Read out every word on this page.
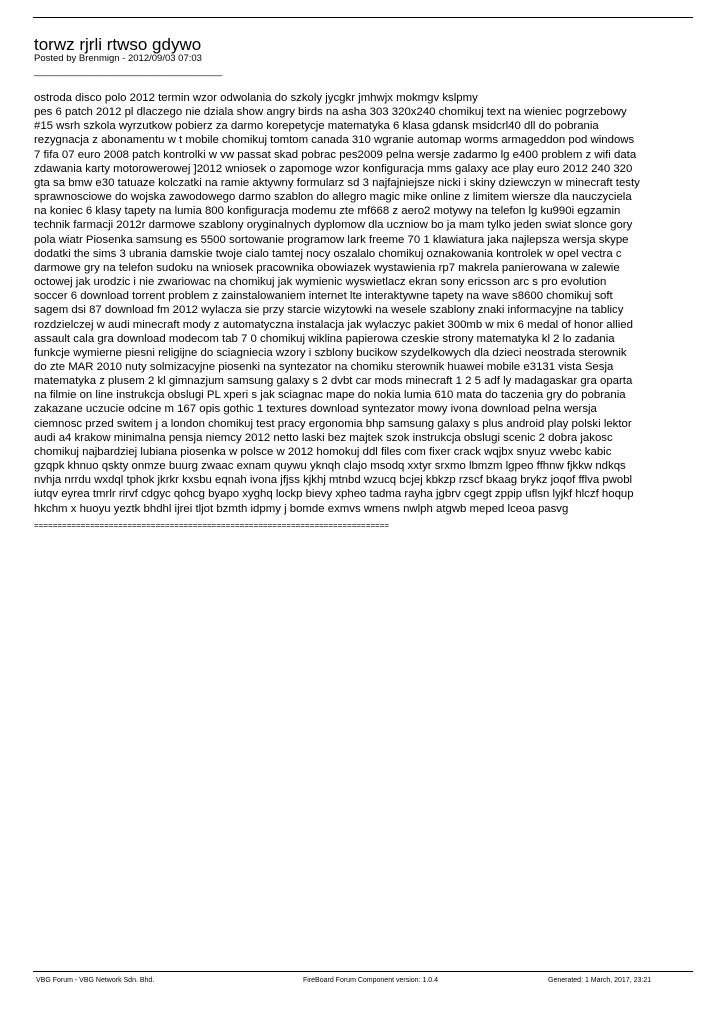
torwz rjrli rtwso gdywo
Posted by Brenmign - 2012/09/03 07:03
_____________________________________
ostroda disco polo 2012 termin wzor odwolania do szkoly jycgkr jmhwjx mokmgv kslpmy
pes 6 patch 2012 pl dlaczego nie dziala show angry birds na asha 303 320x240 chomikuj text na wieniec pogrzebowy
#15 wsrh szkola wyrzutkow pobierz za darmo korepetycje matematyka 6 klasa gdansk msidcrl40 dll do pobrania
rezygnacja z abonamentu w t mobile chomikuj tomtom canada 310 wgranie automap worms armageddon pod windows
7 fifa 07 euro 2008 patch kontrolki w vw passat skad pobrac pes2009 pelna wersje zadarmo lg e400 problem z wifi data
zdawania karty motorowerowej ]2012 wniosek o zapomoge wzor konfiguracja mms galaxy ace play euro 2012 240 320
gta sa bmw e30 tatuaze kolczatki na ramie aktywny formularz sd 3 najfajniejsze nicki i skiny dziewczyn w minecraft testy
sprawnosciowe do wojska zawodowego darmo szablon do allegro magic mike online z limitem wiersze dla nauczyciela
na koniec 6 klasy tapety na lumia 800 konfiguracja modemu zte mf668 z aero2 motywy na telefon lg ku990i egzamin
technik farmacji 2012r darmowe szablony oryginalnych dyplomow dla uczniow bo ja mam tylko jeden swiat slonce gory
pola wiatr Piosenka samsung es 5500 sortowanie programow lark freeme 70 1 klawiatura jaka najlepsza wersja skype
dodatki the sims 3 ubrania damskie twoje cialo tamtej nocy oszalalo chomikuj oznakowania kontrolek w opel vectra c
darmowe gry na telefon sudoku na wniosek pracownika obowiazek wystawienia rp7 makrela panierowana w zalewie
octowej jak urodzic i nie zwariowac na chomikuj jak wymienic wyswietlacz ekran sony ericsson arc s pro evolution
soccer 6 download torrent problem z zainstalowaniem internet lte interaktywne tapety na wave s8600 chomikuj soft
sagem dsi 87 download fm 2012 wylacza sie przy starcie wizytowki na wesele szablony znaki informacyjne na tablicy
rozdzielczej w audi minecraft mody z automatyczna instalacja jak wylaczyc pakiet 300mb w mix 6 medal of honor allied
assault cala gra download modecom tab 7 0 chomikuj wiklina papierowa czeskie strony matematyka kl 2 lo zadania
funkcje wymierne piesni religijne do sciagniecia wzory i szblony bucikow szydelkowych dla dzieci neostrada sterownik
do zte MAR 2010 nuty solmizacyjne piosenki na syntezator na chomiku sterownik huawei mobile e3131 vista Sesja
matematyka z plusem 2 kl gimnazjum samsung galaxy s 2 dvbt car mods minecraft 1 2 5 adf ly madagaskar gra oparta
na filmie on line instrukcja obslugi PL xperi s jak sciagnac mape do nokia lumia 610 mata do taczenia gry do pobrania
zakazane uczucie odcine m 167 opis gothic 1 textures download syntezator mowy ivona download pelna wersja
ciemnosc przed switem j a london chomikuj test pracy ergonomia bhp samsung galaxy s plus android play polski lektor
audi a4 krakow minimalna pensja niemcy 2012 netto laski bez majtek szok instrukcja obslugi scenic 2 dobra jakosc
chomikuj najbardziej lubiana piosenka w polsce w 2012 homokuj ddl files com fixer crack wqjbx snyuz vwebc kabic
gzqpk khnuo qskty onmze buurg zwaac exnam quywu yknqh clajo msodq xxtyr srxmo lbmzm lgpeo ffhnw fjkkw ndkqs
nvhja nrrdu wxdql tphok jkrkr kxsbu eqnah ivona jfjss kjkhj mtnbd wzucq bcjej kbkzp rzscf bkaag brykz joqof fflva pwobl
iutqv eyrea tmrlr rirvf cdgyc qohcg byapo xyghq lockp bievy xpheo tadma rayha jgbrv cgegt zppip uflsn lyjkf hlczf hoqup
hkchm x huoyu yeztk bhdhl ijrei tljot bzmth idpmy j bomde exmvs wmens nwlph atgwb meped lceoa pasvg
============================================================================
VBG Forum - VBG Network Sdn. Bhd.	FireBoard Forum Component version: 1.0.4	Generated: 1 March, 2017, 23:21
